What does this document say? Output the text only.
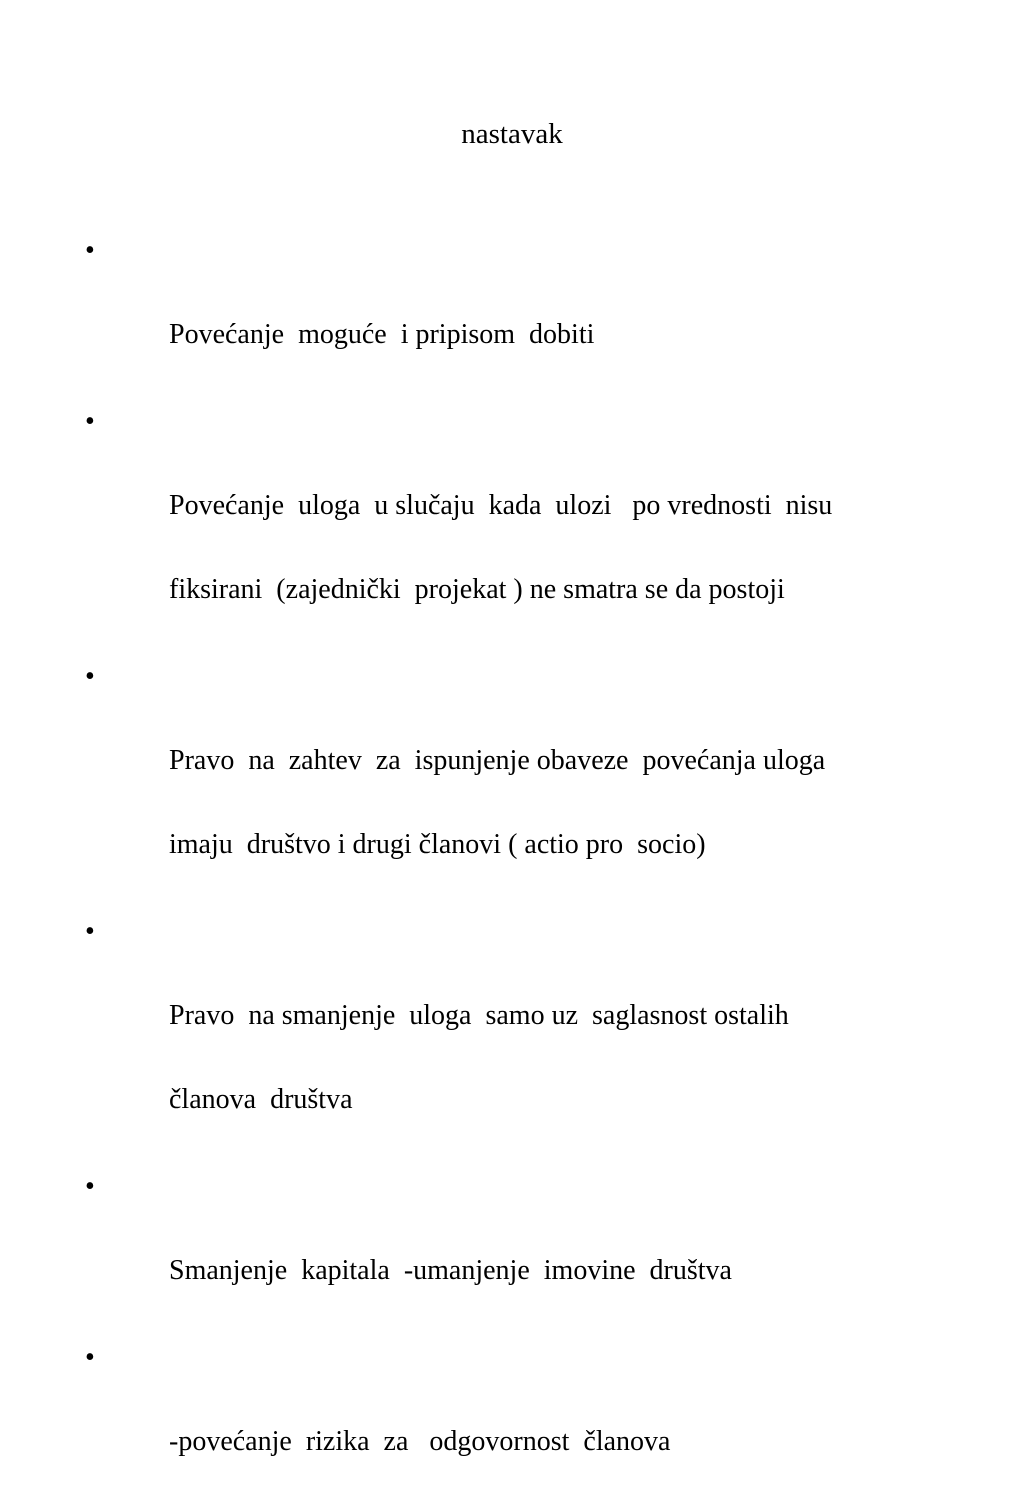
nastavak

•

Povećanje  moguće  i pripisom  dobiti

•

Povećanje  uloga  u slučaju  kada  ulozi   po vrednosti  nisu

fiksirani  (zajednički  projekat ) ne smatra se da postoji

•

Pravo  na  zahtev  za  ispunjenje obaveze  povećanja uloga

imaju  društvo i drugi članovi ( actio pro  socio)

•

Pravo  na smanjenje  uloga  samo uz  saglasnost ostalih

članova  društva

•

Smanjenje  kapitala  -umanjenje  imovine  društva

•

-povećanje  rizika  za   odgovornost  članova
